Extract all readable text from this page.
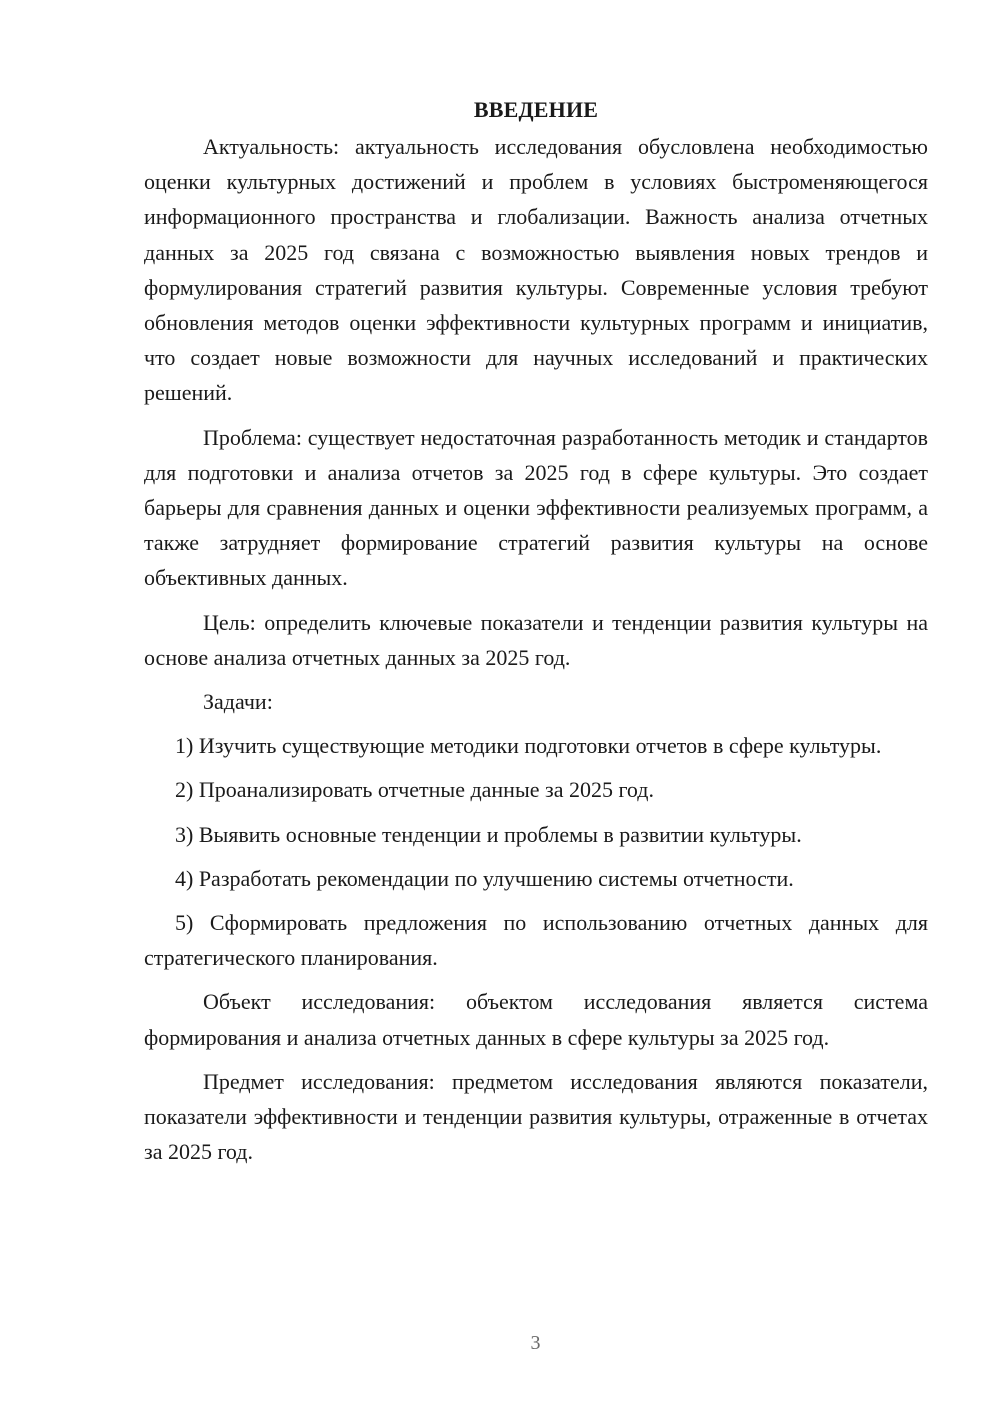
ВВЕДЕНИЕ

Актуальность: актуальность исследования обусловлена необходимостью оценки культурных достижений и проблем в условиях быстроменяющегося информационного пространства и глобализации. Важность анализа отчетных данных за 2025 год связана с возможностью выявления новых трендов и формулирования стратегий развития культуры. Современные условия требуют обновления методов оценки эффективности культурных программ и инициатив, что создает новые возможности для научных исследований и практических решений.

Проблема: существует недостаточная разработанность методик и стандартов для подготовки и анализа отчетов за 2025 год в сфере культуры. Это создает барьеры для сравнения данных и оценки эффективности реализуемых программ, а также затрудняет формирование стратегий развития культуры на основе объективных данных.

Цель: определить ключевые показатели и тенденции развития культуры на основе анализа отчетных данных за 2025 год.

Задачи:

1) Изучить существующие методики подготовки отчетов в сфере культуры.

2) Проанализировать отчетные данные за 2025 год.

3) Выявить основные тенденции и проблемы в развитии культуры.

4) Разработать рекомендации по улучшению системы отчетности.

5) Сформировать предложения по использованию отчетных данных для стратегического планирования.

Объект исследования: объектом исследования является система формирования и анализа отчетных данных в сфере культуры за 2025 год.

Предмет исследования: предметом исследования являются показатели, показатели эффективности и тенденции развития культуры, отраженные в отчетах за 2025 год.

3
